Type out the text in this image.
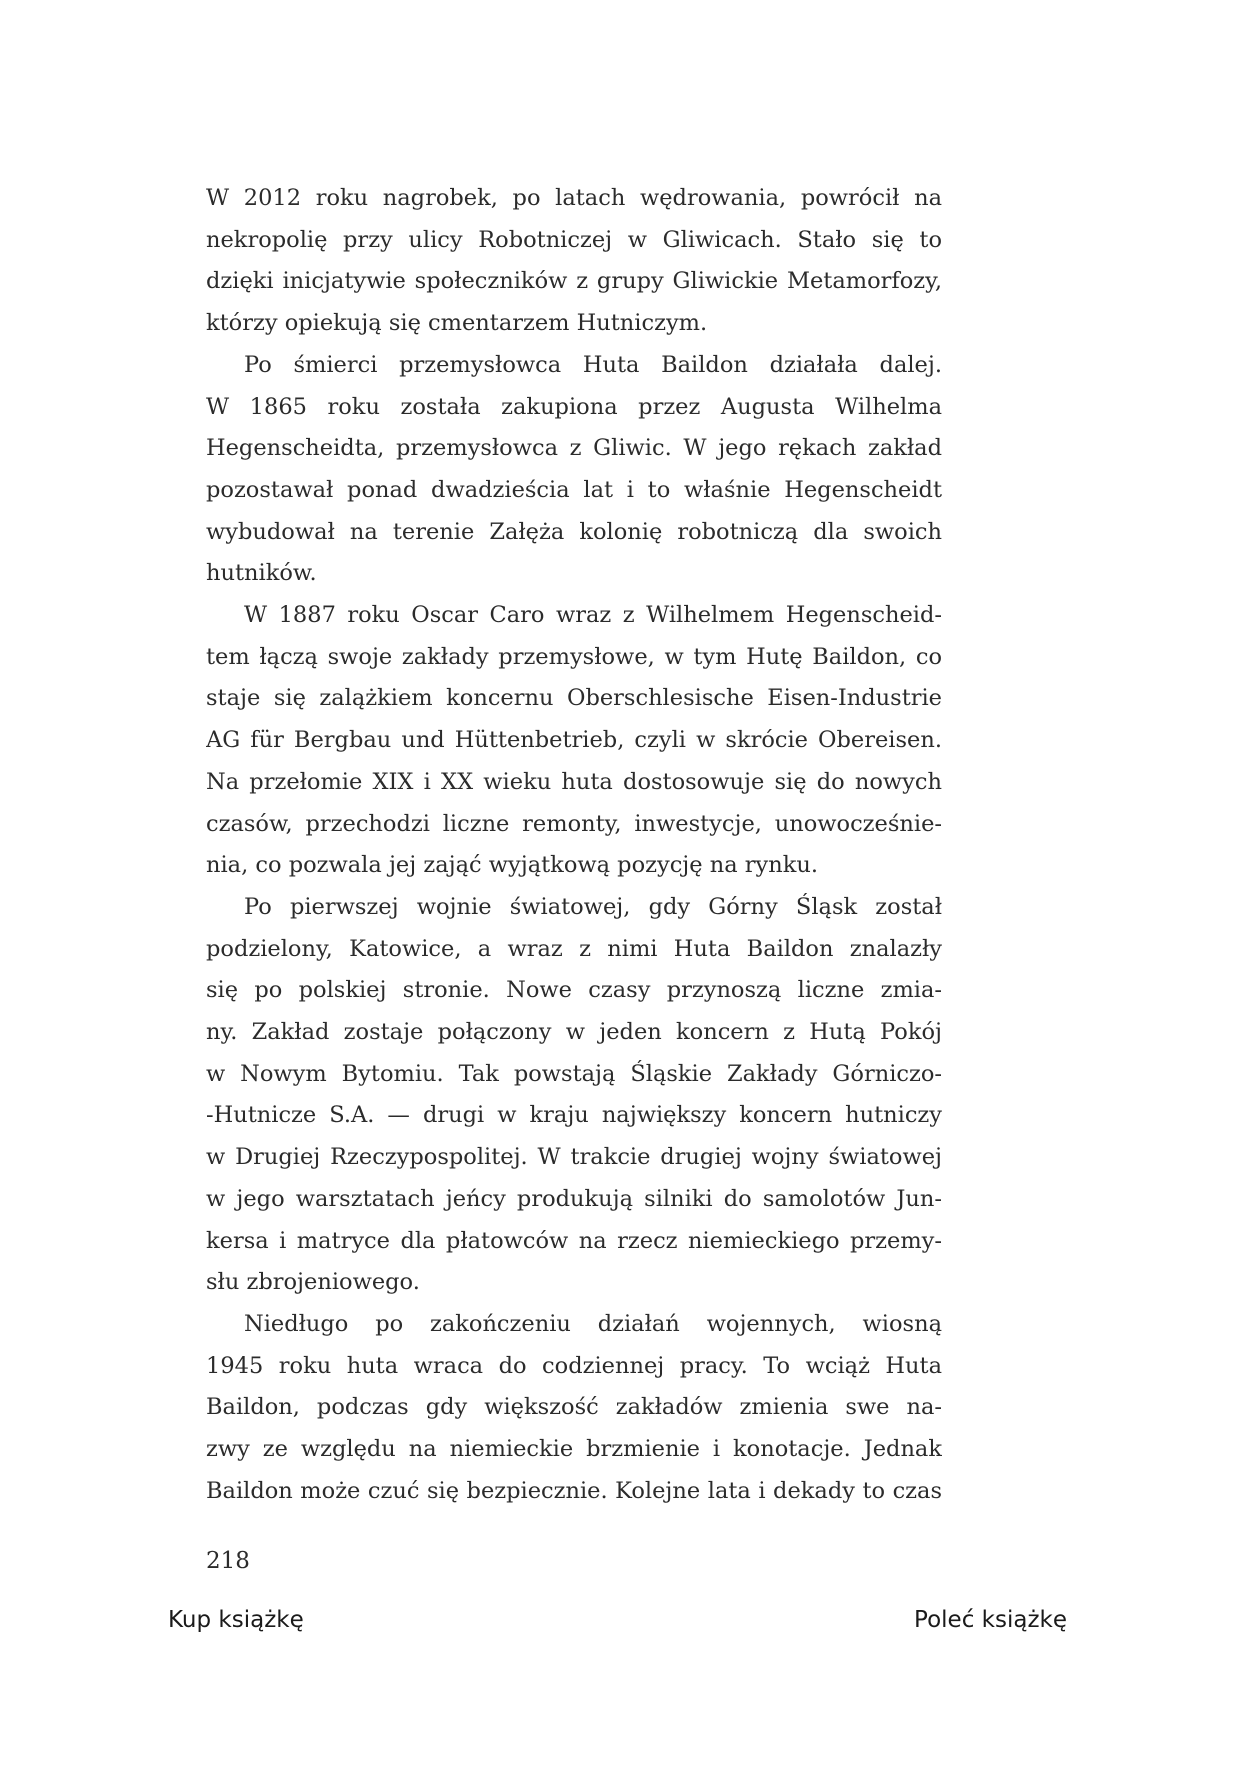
W 2012 roku nagrobek, po latach wędrowania, powrócił na
nekropolię przy ulicy Robotniczej w Gliwicach. Stało się to
dzięki inicjatywie społeczników z grupy Gliwickie Metamorfozy,
którzy opiekują się cmentarzem Hutniczym.
Po śmierci przemysłowca Huta Baildon działała dalej.
W 1865 roku została zakupiona przez Augusta Wilhelma
Hegenscheidta, przemysłowca z Gliwic. W jego rękach zakład
pozostawał ponad dwadzieścia lat i to właśnie Hegenscheidt
wybudował na terenie Załęża kolonię robotniczą dla swoich
hutników.
W 1887 roku Oscar Caro wraz z Wilhelmem Hegenscheid-
tem łączą swoje zakłady przemysłowe, w tym Hutę Baildon, co
staje się zalążkiem koncernu Oberschlesische Eisen-Industrie
AG für Bergbau und Hüttenbetrieb, czyli w skrócie Obereisen.
Na przełomie XIX i XX wieku huta dostosowuje się do nowych
czasów, przechodzi liczne remonty, inwestycje, unowocześnie-
nia, co pozwala jej zająć wyjątkową pozycję na rynku.
Po pierwszej wojnie światowej, gdy Górny Śląsk został
podzielony, Katowice, a wraz z nimi Huta Baildon znalazły
się po polskiej stronie. Nowe czasy przynoszą liczne zmia-
ny. Zakład zostaje połączony w jeden koncern z Hutą Pokój
w Nowym Bytomiu. Tak powstają Śląskie Zakłady Górniczo-
-Hutnicze S.A. — drugi w kraju największy koncern hutniczy
w Drugiej Rzeczypospolitej. W trakcie drugiej wojny światowej
w jego warsztatach jeńcy produkują silniki do samolotów Jun-
kersa i matryce dla płatowców na rzecz niemieckiego przemy-
słu zbrojeniowego.
Niedługo po zakończeniu działań wojennych, wiosną
1945 roku huta wraca do codziennej pracy. To wciąż Huta
Baildon, podczas gdy większość zakładów zmienia swe na-
zwy ze względu na niemieckie brzmienie i konotacje. Jednak
Baildon może czuć się bezpiecznie. Kolejne lata i dekady to czas
218
Kup książkę	Poleć książkę
